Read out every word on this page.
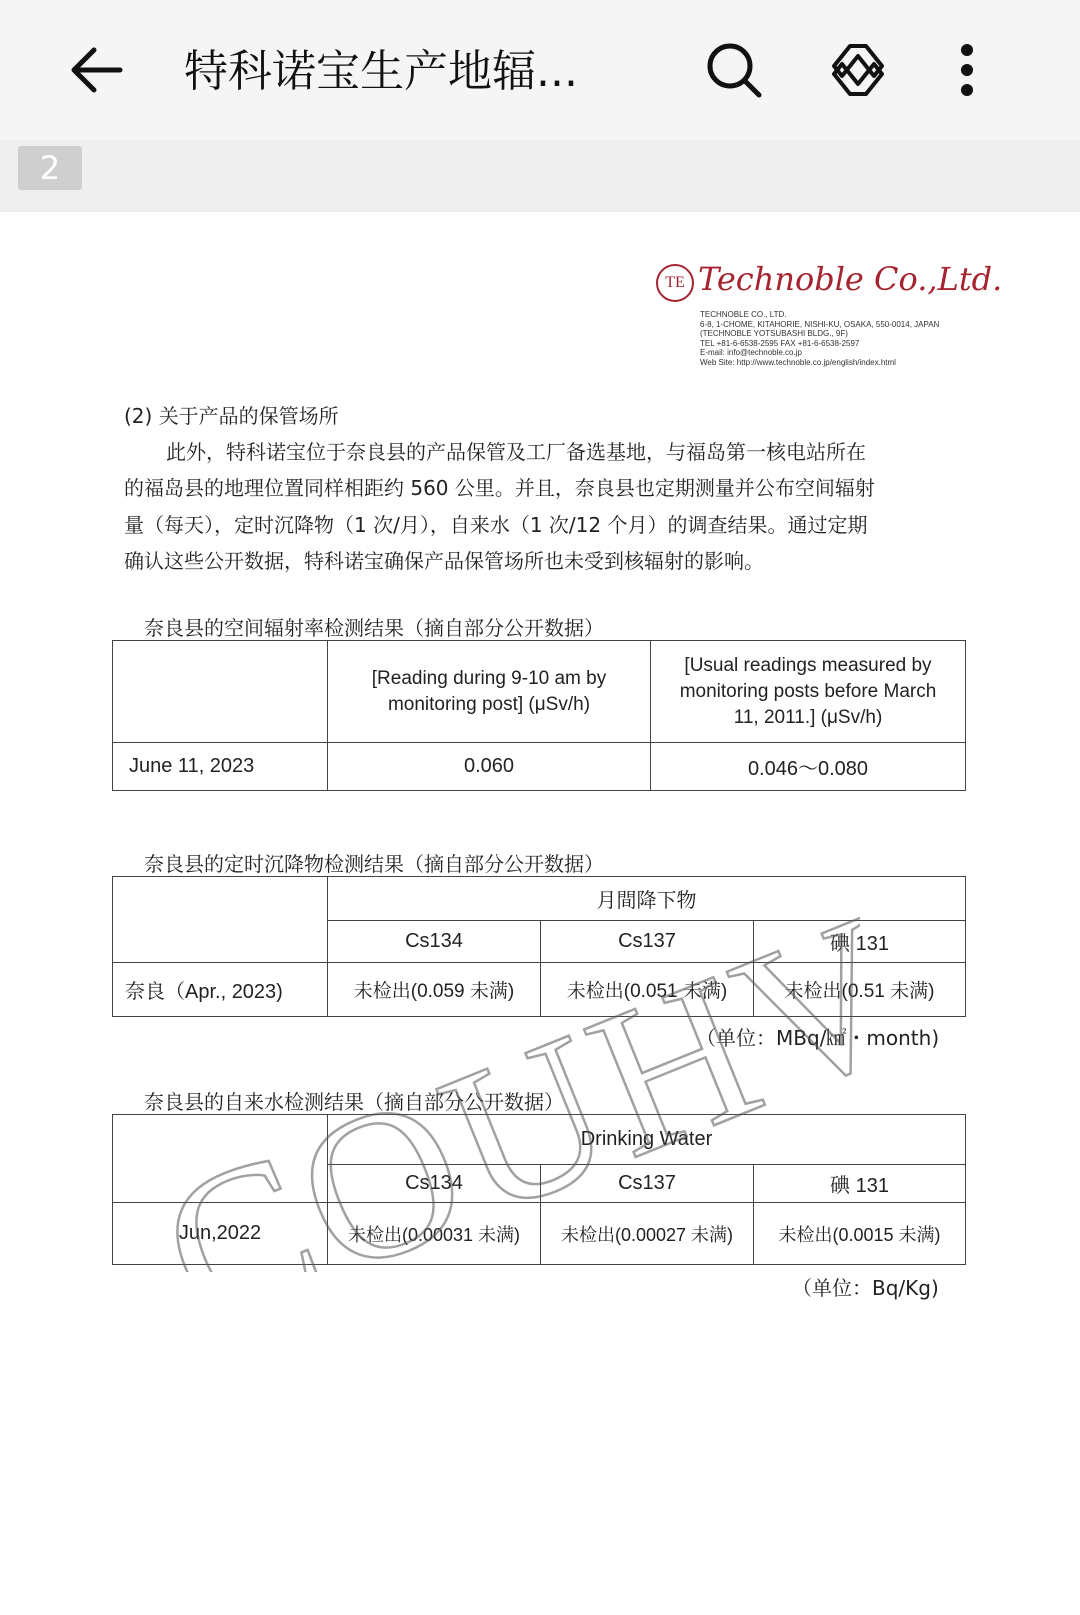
特科诺宝生产地辐...
2
TE Technoble Co.,Ltd.
TECHNOBLE CO., LTD.
6-8, 1-CHOME, KITAHORIE, NISHI-KU, OSAKA, 550-0014, JAPAN
(TECHNOBLE YOTSUBASHI BLDG., 9F)
TEL +81-6-6538-2595 FAX +81-6-6538-2597
E-mail: info@technoble.co.jp
Web Site: http://www.technoble.co.jp/english/index.html
(2) 关于产品的保管场所
此外，特科诺宝位于奈良县的产品保管及工厂备选基地，与福岛第一核电站所在
的福岛县的地理位置同样相距约 560 公里。并且，奈良县也定期测量并公布空间辐射
量（每天），定时沉降物（1 次/月），自来水（1 次/12 个月）的调查结果。通过定期
确认这些公开数据，特科诺宝确保产品保管场所也未受到核辐射的影响。
奈良县的空间辐射率检测结果（摘自部分公开数据）
	[Reading during 9-10 am by monitoring post] (μSv/h)	[Usual readings measured by monitoring posts before March 11, 2011.] (μSv/h)
June 11, 2023	0.060	0.046～0.080
奈良县的定时沉降物检测结果（摘自部分公开数据）
	月間降下物		
	Cs134	Cs137	碘 131
奈良（Apr., 2023)	未检出(0.059 未满)	未检出(0.051 未满)	未检出(0.51 未满)
（单位：MBq/㎢・month)
奈良县的自来水检测结果（摘自部分公开数据）
	Drinking Water		
	Cs134	Cs137	碘 131
Jun,2022	未检出(0.00031 未满)	未检出(0.00027 未满)	未检出(0.0015 未满)
（单位：Bq/Kg)
COUHVE
